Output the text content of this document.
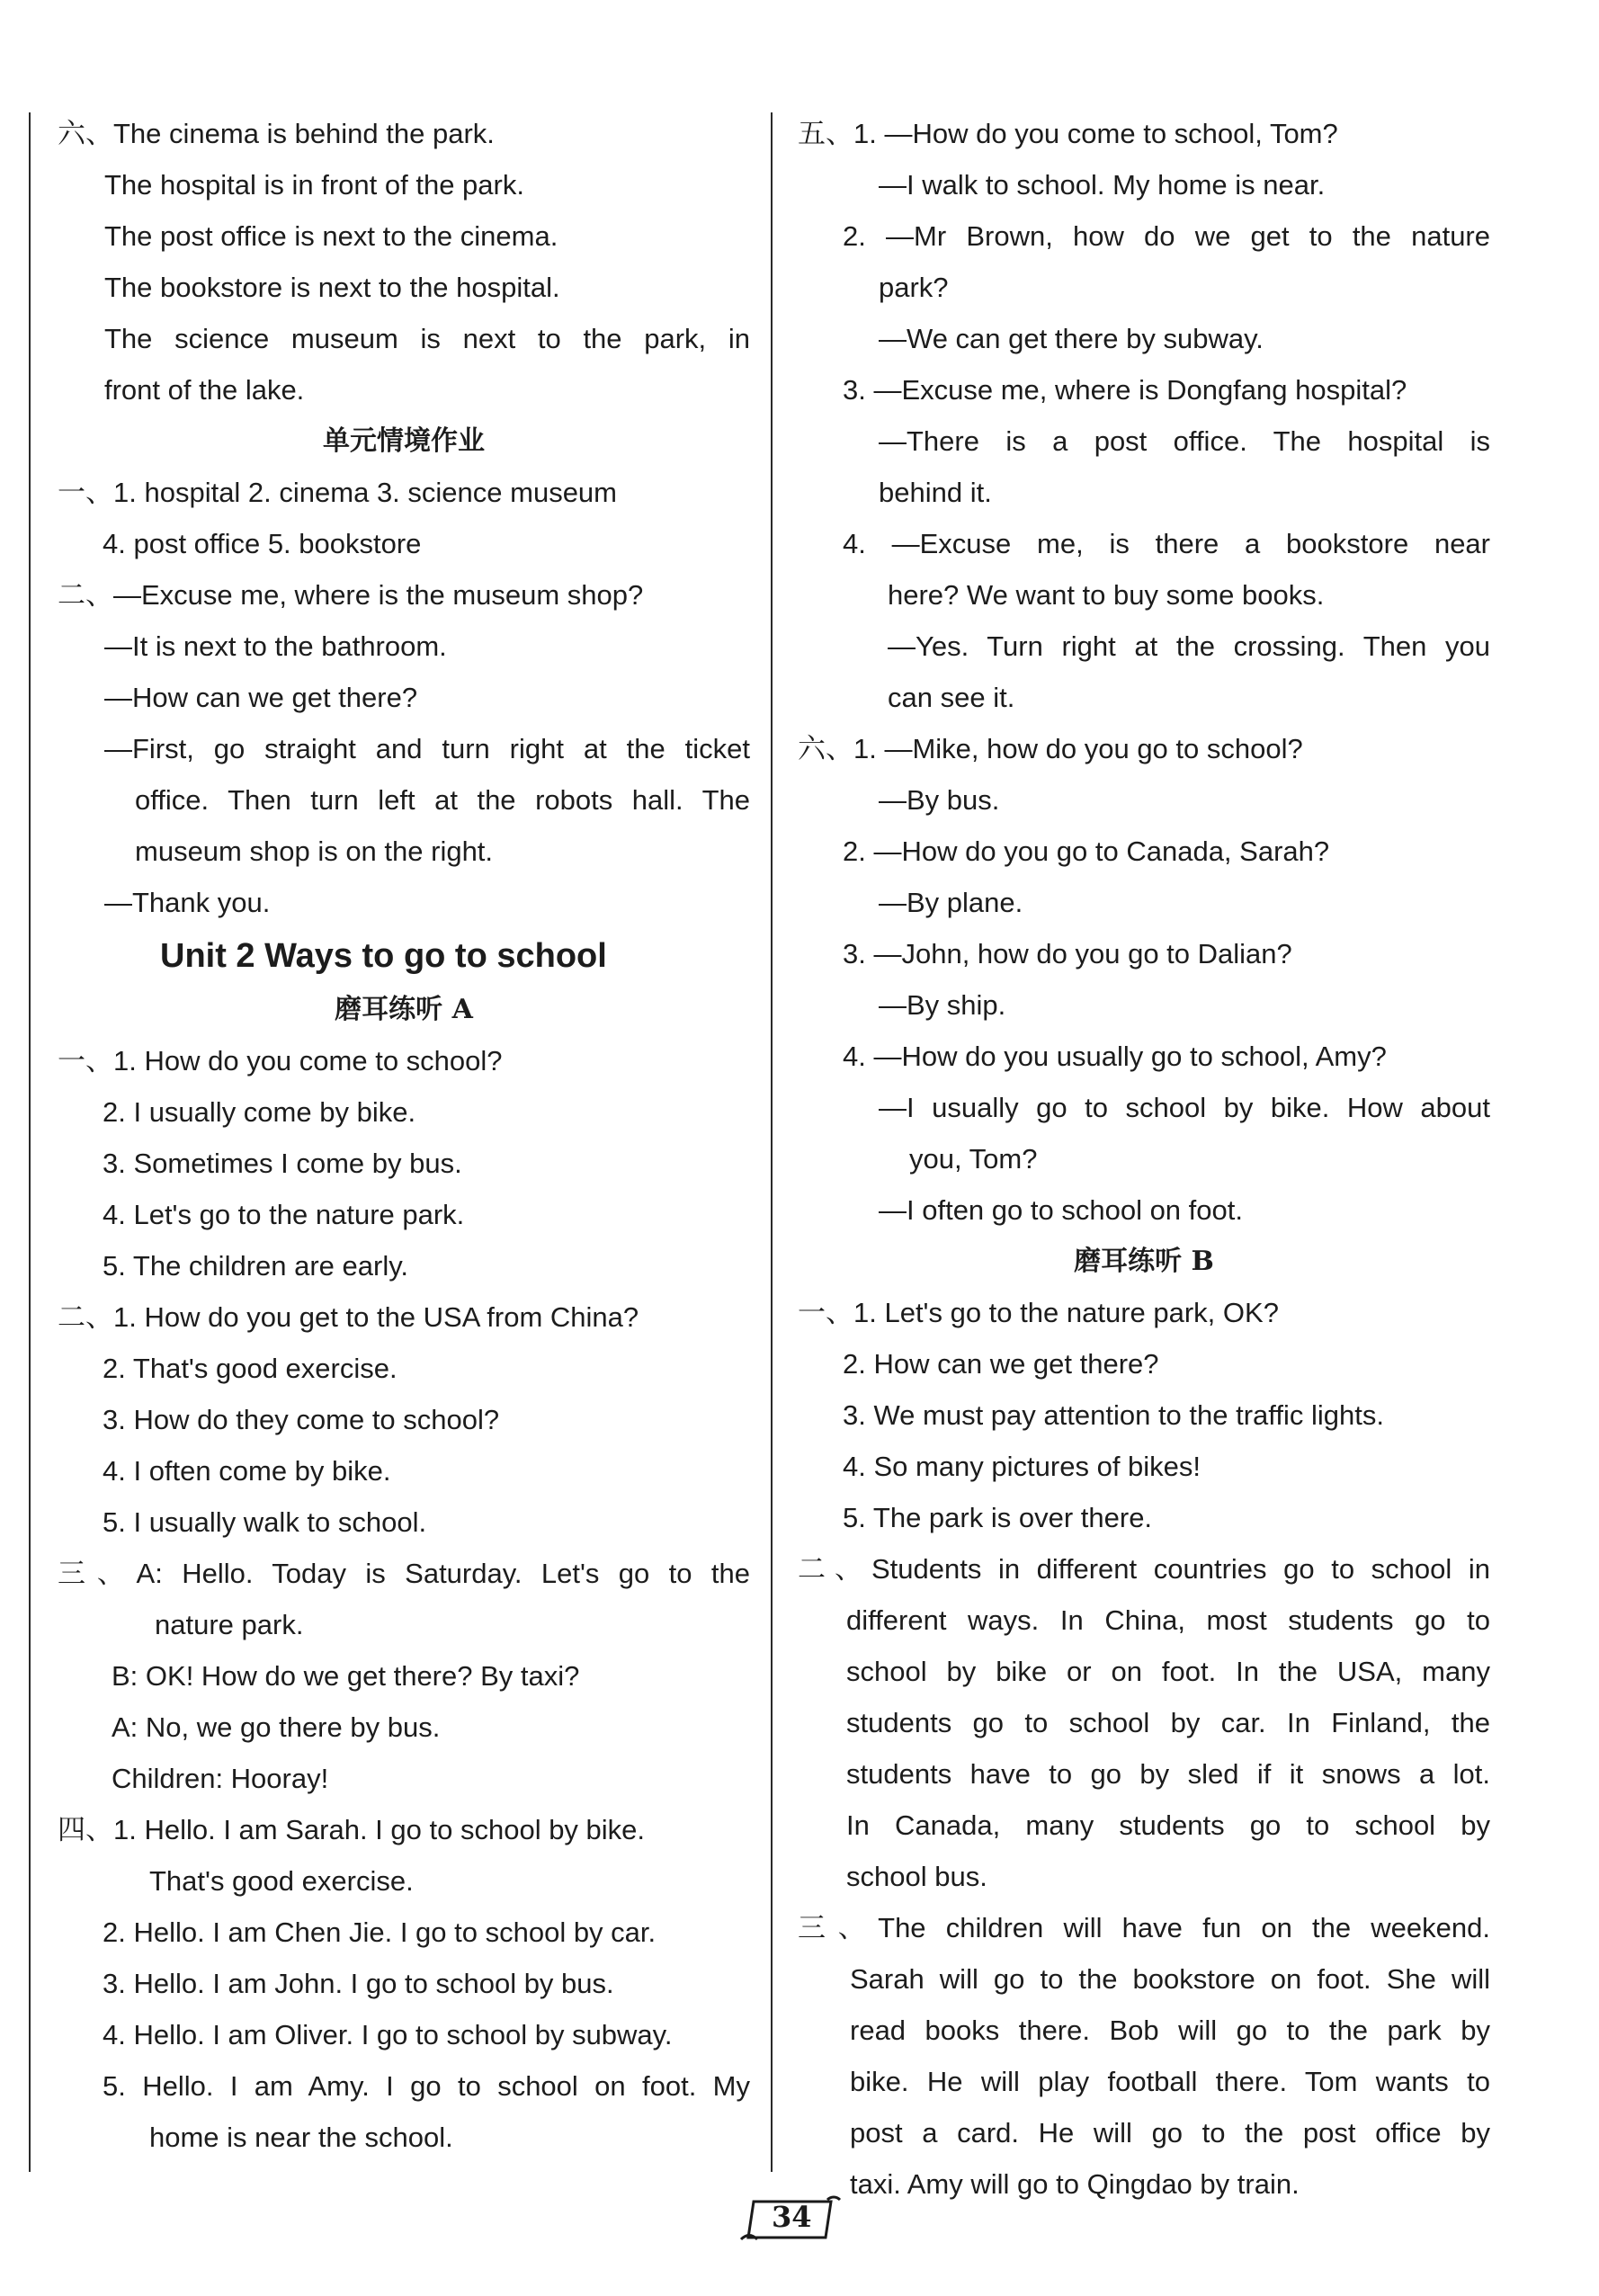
六、The cinema is behind the park.
The hospital is in front of the park.
The post office is next to the cinema.
The bookstore is next to the hospital.
The science museum is next to the park, in
front of the lake.
单元情境作业
一、1. hospital 2. cinema 3. science museum
4. post office 5. bookstore
二、—Excuse me, where is the museum shop?
—It is next to the bathroom.
—How can we get there?
—First, go straight and turn right at the ticket
office. Then turn left at the robots hall. The
museum shop is on the right.
—Thank you.
Unit 2 Ways to go to school
磨耳练听 A
一、1. How do you come to school?
2. I usually come by bike.
3. Sometimes I come by bus.
4. Let's go to the nature park.
5. The children are early.
二、1. How do you get to the USA from China?
2. That's good exercise.
3. How do they come to school?
4. I often come by bike.
5. I usually walk to school.
三、A: Hello. Today is Saturday. Let's go to the
nature park.
B: OK! How do we get there? By taxi?
A: No, we go there by bus.
Children: Hooray!
四、1. Hello. I am Sarah. I go to school by bike.
That's good exercise.
2. Hello. I am Chen Jie. I go to school by car.
3. Hello. I am John. I go to school by bus.
4. Hello. I am Oliver. I go to school by subway.
5. Hello. I am Amy. I go to school on foot. My
home is near the school.
五、1. —How do you come to school, Tom?
—I walk to school. My home is near.
2. —Mr Brown, how do we get to the nature
park?
—We can get there by subway.
3. —Excuse me, where is Dongfang hospital?
—There is a post office. The hospital is
behind it.
4. —Excuse me, is there a bookstore near
here? We want to buy some books.
—Yes. Turn right at the crossing. Then you
can see it.
六、1. —Mike, how do you go to school?
—By bus.
2. —How do you go to Canada, Sarah?
—By plane.
3. —John, how do you go to Dalian?
—By ship.
4. —How do you usually go to school, Amy?
—I usually go to school by bike. How about
you, Tom?
—I often go to school on foot.
磨耳练听 B
一、1. Let's go to the nature park, OK?
2. How can we get there?
3. We must pay attention to the traffic lights.
4. So many pictures of bikes!
5. The park is over there.
二、Students in different countries go to school in
different ways. In China, most students go to
school by bike or on foot. In the USA, many
students go to school by car. In Finland, the
students have to go by sled if it snows a lot.
In Canada, many students go to school by
school bus.
三、The children will have fun on the weekend.
Sarah will go to the bookstore on foot. She will
read books there. Bob will go to the park by
bike. He will play football there. Tom wants to
post a card. He will go to the post office by
taxi. Amy will go to Qingdao by train.
34
